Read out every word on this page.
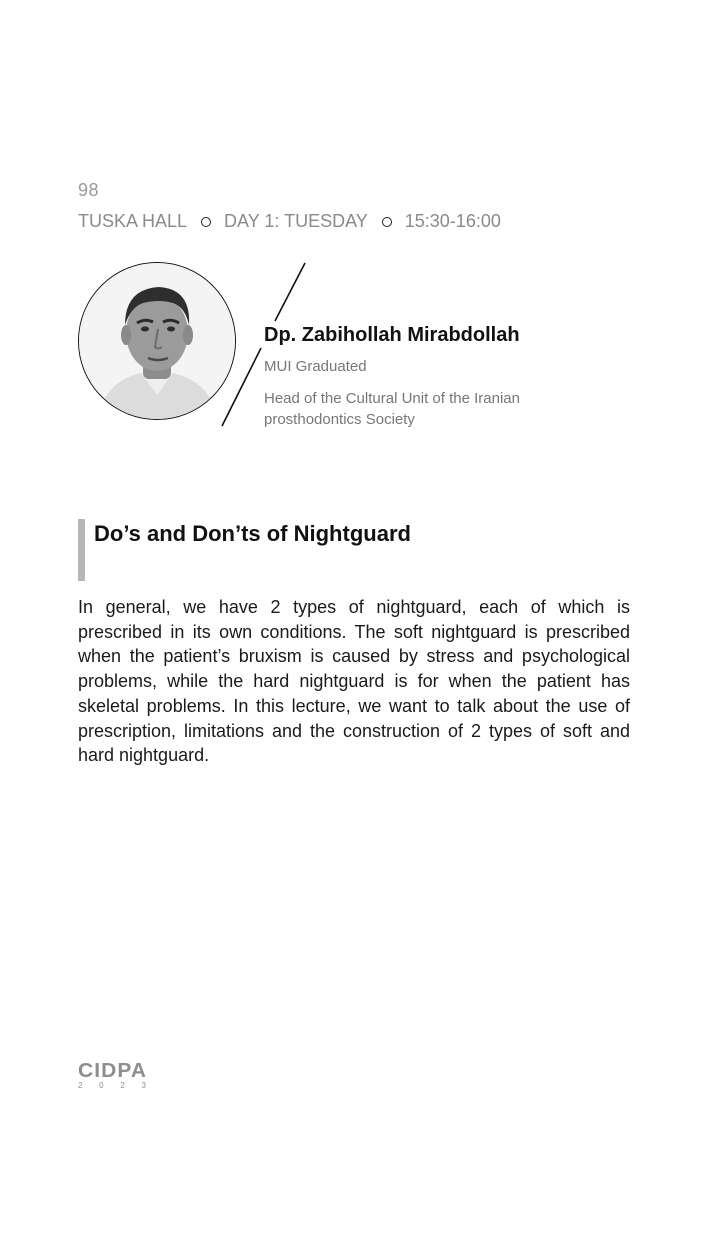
98
TUSKA HALL DAY 1: TUESDAY 15:30-16:00
Dp. Zabihollah Mirabdollah
MUI Graduated
Head of the Cultural Unit of the Iranian prosthodontics Society
Do’s and Don’ts of Nightguard

In general, we have 2 types of nightguard, each of which is prescribed in its own conditions. The soft nightguard is prescribed when the patient’s bruxism is caused by stress and psychological problems, while the hard nightguard is for when the patient has skeletal problems. In this lecture, we want to talk about the use of prescription, limitations and the construction of 2 types of soft and hard nightguard.

CIDPA
2 0 2 3
